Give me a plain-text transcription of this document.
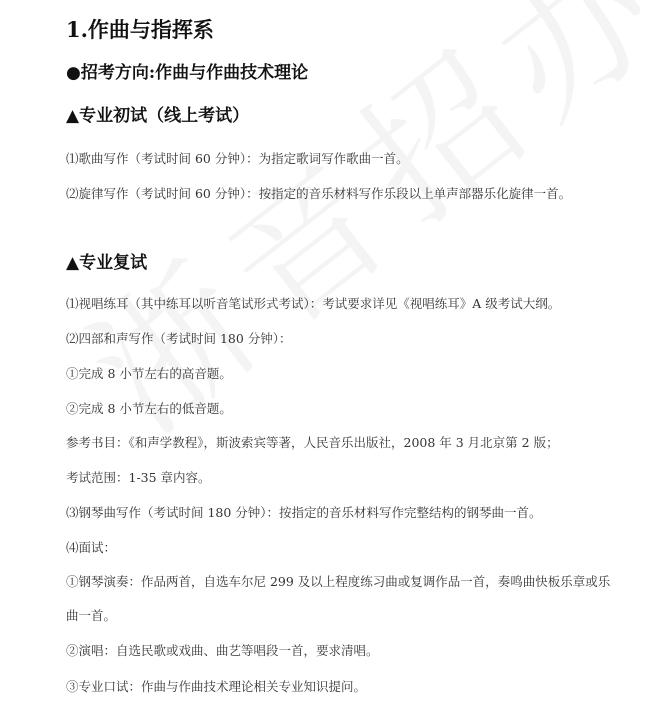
1.作曲与指挥系
●招考方向:作曲与作曲技术理论
▲专业初试（线上考试）
⑴歌曲写作（考试时间 60 分钟）：为指定歌词写作歌曲一首。
⑵旋律写作（考试时间 60 分钟）：按指定的音乐材料写作乐段以上单声部器乐化旋律一首。
▲专业复试
⑴视唱练耳（其中练耳以听音笔试形式考试）：考试要求详见《视唱练耳》A 级考试大纲。
⑵四部和声写作（考试时间 180 分钟）：
①完成 8 小节左右的高音题。
②完成 8 小节左右的低音题。
参考书目：《和声学教程》，斯波索宾等著，人民音乐出版社，2008 年 3 月北京第 2 版；
考试范围：1-35 章内容。
⑶钢琴曲写作（考试时间 180 分钟）：按指定的音乐材料写作完整结构的钢琴曲一首。
⑷面试：
①钢琴演奏：作品两首，自选车尔尼 299 及以上程度练习曲或复调作品一首，奏鸣曲快板乐章或乐
曲一首。
②演唱：自选民歌或戏曲、曲艺等唱段一首，要求清唱。
③专业口试：作曲与作曲技术理论相关专业知识提问。
